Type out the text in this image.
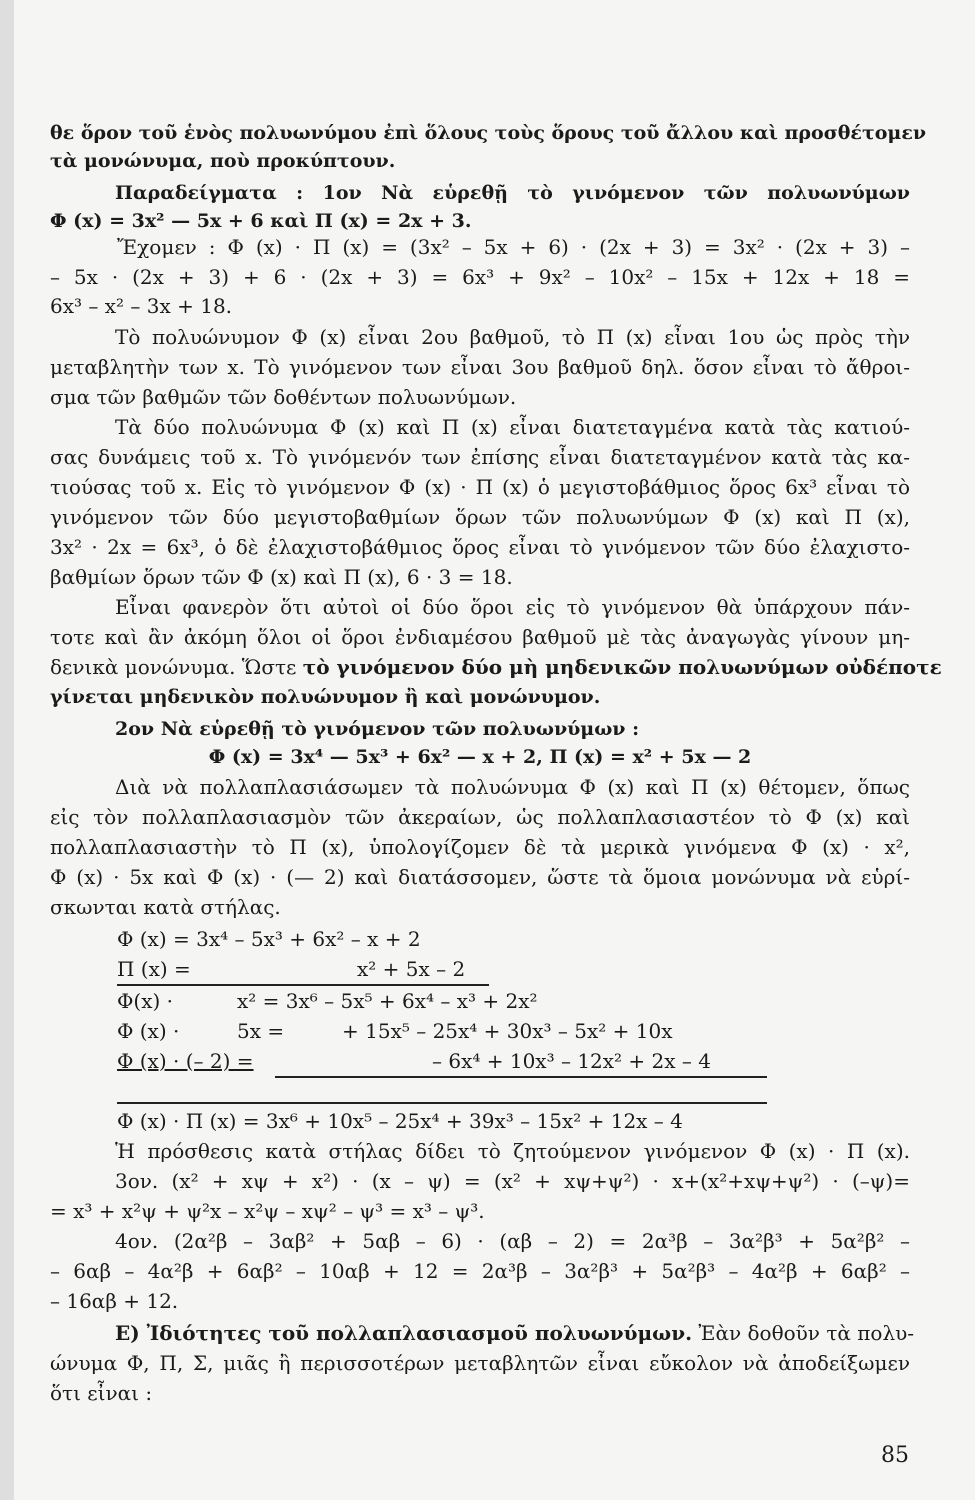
θε ὅρον τοῦ ἑνὸς πολυωνύμου ἐπὶ ὅλους τοὺς ὅρους τοῦ ἄλλου καὶ προσθέτομεν
τὰ μονώνυμα, ποὺ προκύπτουν.
Παραδείγματα : 1ον Νὰ εὑρεθῇ τὸ γινόμενον τῶν πολυωνύμων
Φ (x) = 3x² — 5x + 6 καὶ Π (x) = 2x + 3.
Ἔχομεν : Φ (x) · Π (x) = (3x² – 5x + 6) · (2x + 3) = 3x² · (2x + 3) –
– 5x · (2x + 3) + 6 · (2x + 3) = 6x³ + 9x² – 10x² – 15x + 12x + 18 =
6x³ – x² – 3x + 18.
Τὸ πολυώνυμον Φ (x) εἶναι 2ου βαθμοῦ, τὸ Π (x) εἶναι 1ου ὡς πρὸς τὴν
μεταβλητὴν των x. Τὸ γινόμενον των εἶναι 3ου βαθμοῦ δηλ. ὅσον εἶναι τὸ ἄθροι-
σμα τῶν βαθμῶν τῶν δοθέντων πολυωνύμων.
Τὰ δύο πολυώνυμα Φ (x) καὶ Π (x) εἶναι διατεταγμένα κατὰ τὰς κατιού-
σας δυνάμεις τοῦ x. Τὸ γινόμενόν των ἐπίσης εἶναι διατεταγμένον κατὰ τὰς κα-
τιούσας τοῦ x. Εἰς τὸ γινόμενον Φ (x) · Π (x) ὁ μεγιστοβάθμιος ὅρος 6x³ εἶναι τὸ
γινόμενον τῶν δύο μεγιστοβαθμίων ὅρων τῶν πολυωνύμων Φ (x) καὶ Π (x),
3x² · 2x = 6x³, ὁ δὲ ἐλαχιστοβάθμιος ὅρος εἶναι τὸ γινόμενον τῶν δύο ἐλαχιστο-
βαθμίων ὅρων τῶν Φ (x) καὶ Π (x), 6 · 3 = 18.
Εἶναι φανερὸν ὅτι αὐτοὶ οἱ δύο ὅροι εἰς τὸ γινόμενον θὰ ὑπάρχουν πάν-
τοτε καὶ ἂν ἀκόμη ὅλοι οἱ ὅροι ἐνδιαμέσου βαθμοῦ μὲ τὰς ἀναγωγὰς γίνουν μη-
δενικὰ μονώνυμα. Ὥστε τὸ γινόμενον δύο μὴ μηδενικῶν πολυωνύμων οὐδέποτε
γίνεται μηδενικὸν πολυώνυμον ἢ καὶ μονώνυμον.
2ον Νὰ εὑρεθῇ τὸ γινόμενον τῶν πολυωνύμων :
Φ (x) = 3x⁴ — 5x³ + 6x² — x + 2, Π (x) = x² + 5x — 2
Διὰ νὰ πολλαπλασιάσωμεν τὰ πολυώνυμα Φ (x) καὶ Π (x) θέτομεν, ὅπως
εἰς τὸν πολλαπλασιασμὸν τῶν ἀκεραίων, ὡς πολλαπλασιαστέον τὸ Φ (x) καὶ
πολλαπλασιαστὴν τὸ Π (x), ὑπολογίζομεν δὲ τὰ μερικὰ γινόμενα Φ (x) · x²,
Φ (x) · 5x καὶ Φ (x) · (— 2) καὶ διατάσσομεν, ὥστε τὰ ὅμοια μονώνυμα νὰ εὑρί-
σκωνται κατὰ στήλας.
Φ (x) = 3x⁴ – 5x³ + 6x² – x + 2
Π (x) =	x² + 5x – 2
Φ(x) ·	x² = 3x⁶ – 5x⁵ + 6x⁴ – x³ + 2x²
Φ (x) ·	5x =	+ 15x⁵ – 25x⁴ + 30x³ – 5x² + 10x
Φ (x) · (– 2) =	– 6x⁴ + 10x³ – 12x² + 2x – 4
Φ (x) · Π (x) = 3x⁶ + 10x⁵ – 25x⁴ + 39x³ – 15x² + 12x – 4
Ἡ πρόσθεσις κατὰ στήλας δίδει τὸ ζητούμενον γινόμενον Φ (x) · Π (x).
3ον. (x² + xψ + x²) · (x – ψ) = (x² + xψ+ψ²) · x+(x²+xψ+ψ²) · (–ψ)=
= x³ + x²ψ + ψ²x – x²ψ – xψ² – ψ³ = x³ – ψ³.
4ον. (2α²β – 3αβ² + 5αβ – 6) · (αβ – 2) = 2α³β – 3α²β³ + 5α²β² –
– 6αβ – 4α²β + 6αβ² – 10αβ + 12 = 2α³β – 3α²β³ + 5α²β³ – 4α²β + 6αβ² –
– 16αβ + 12.
Ε) Ἰδιότητες τοῦ πολλαπλασιασμοῦ πολυωνύμων. Ἐὰν δοθοῦν τὰ πολυ-
ώνυμα Φ, Π, Σ, μιᾶς ἢ περισσοτέρων μεταβλητῶν εἶναι εὔκολον νὰ ἀποδείξωμεν
ὅτι εἶναι :
85
